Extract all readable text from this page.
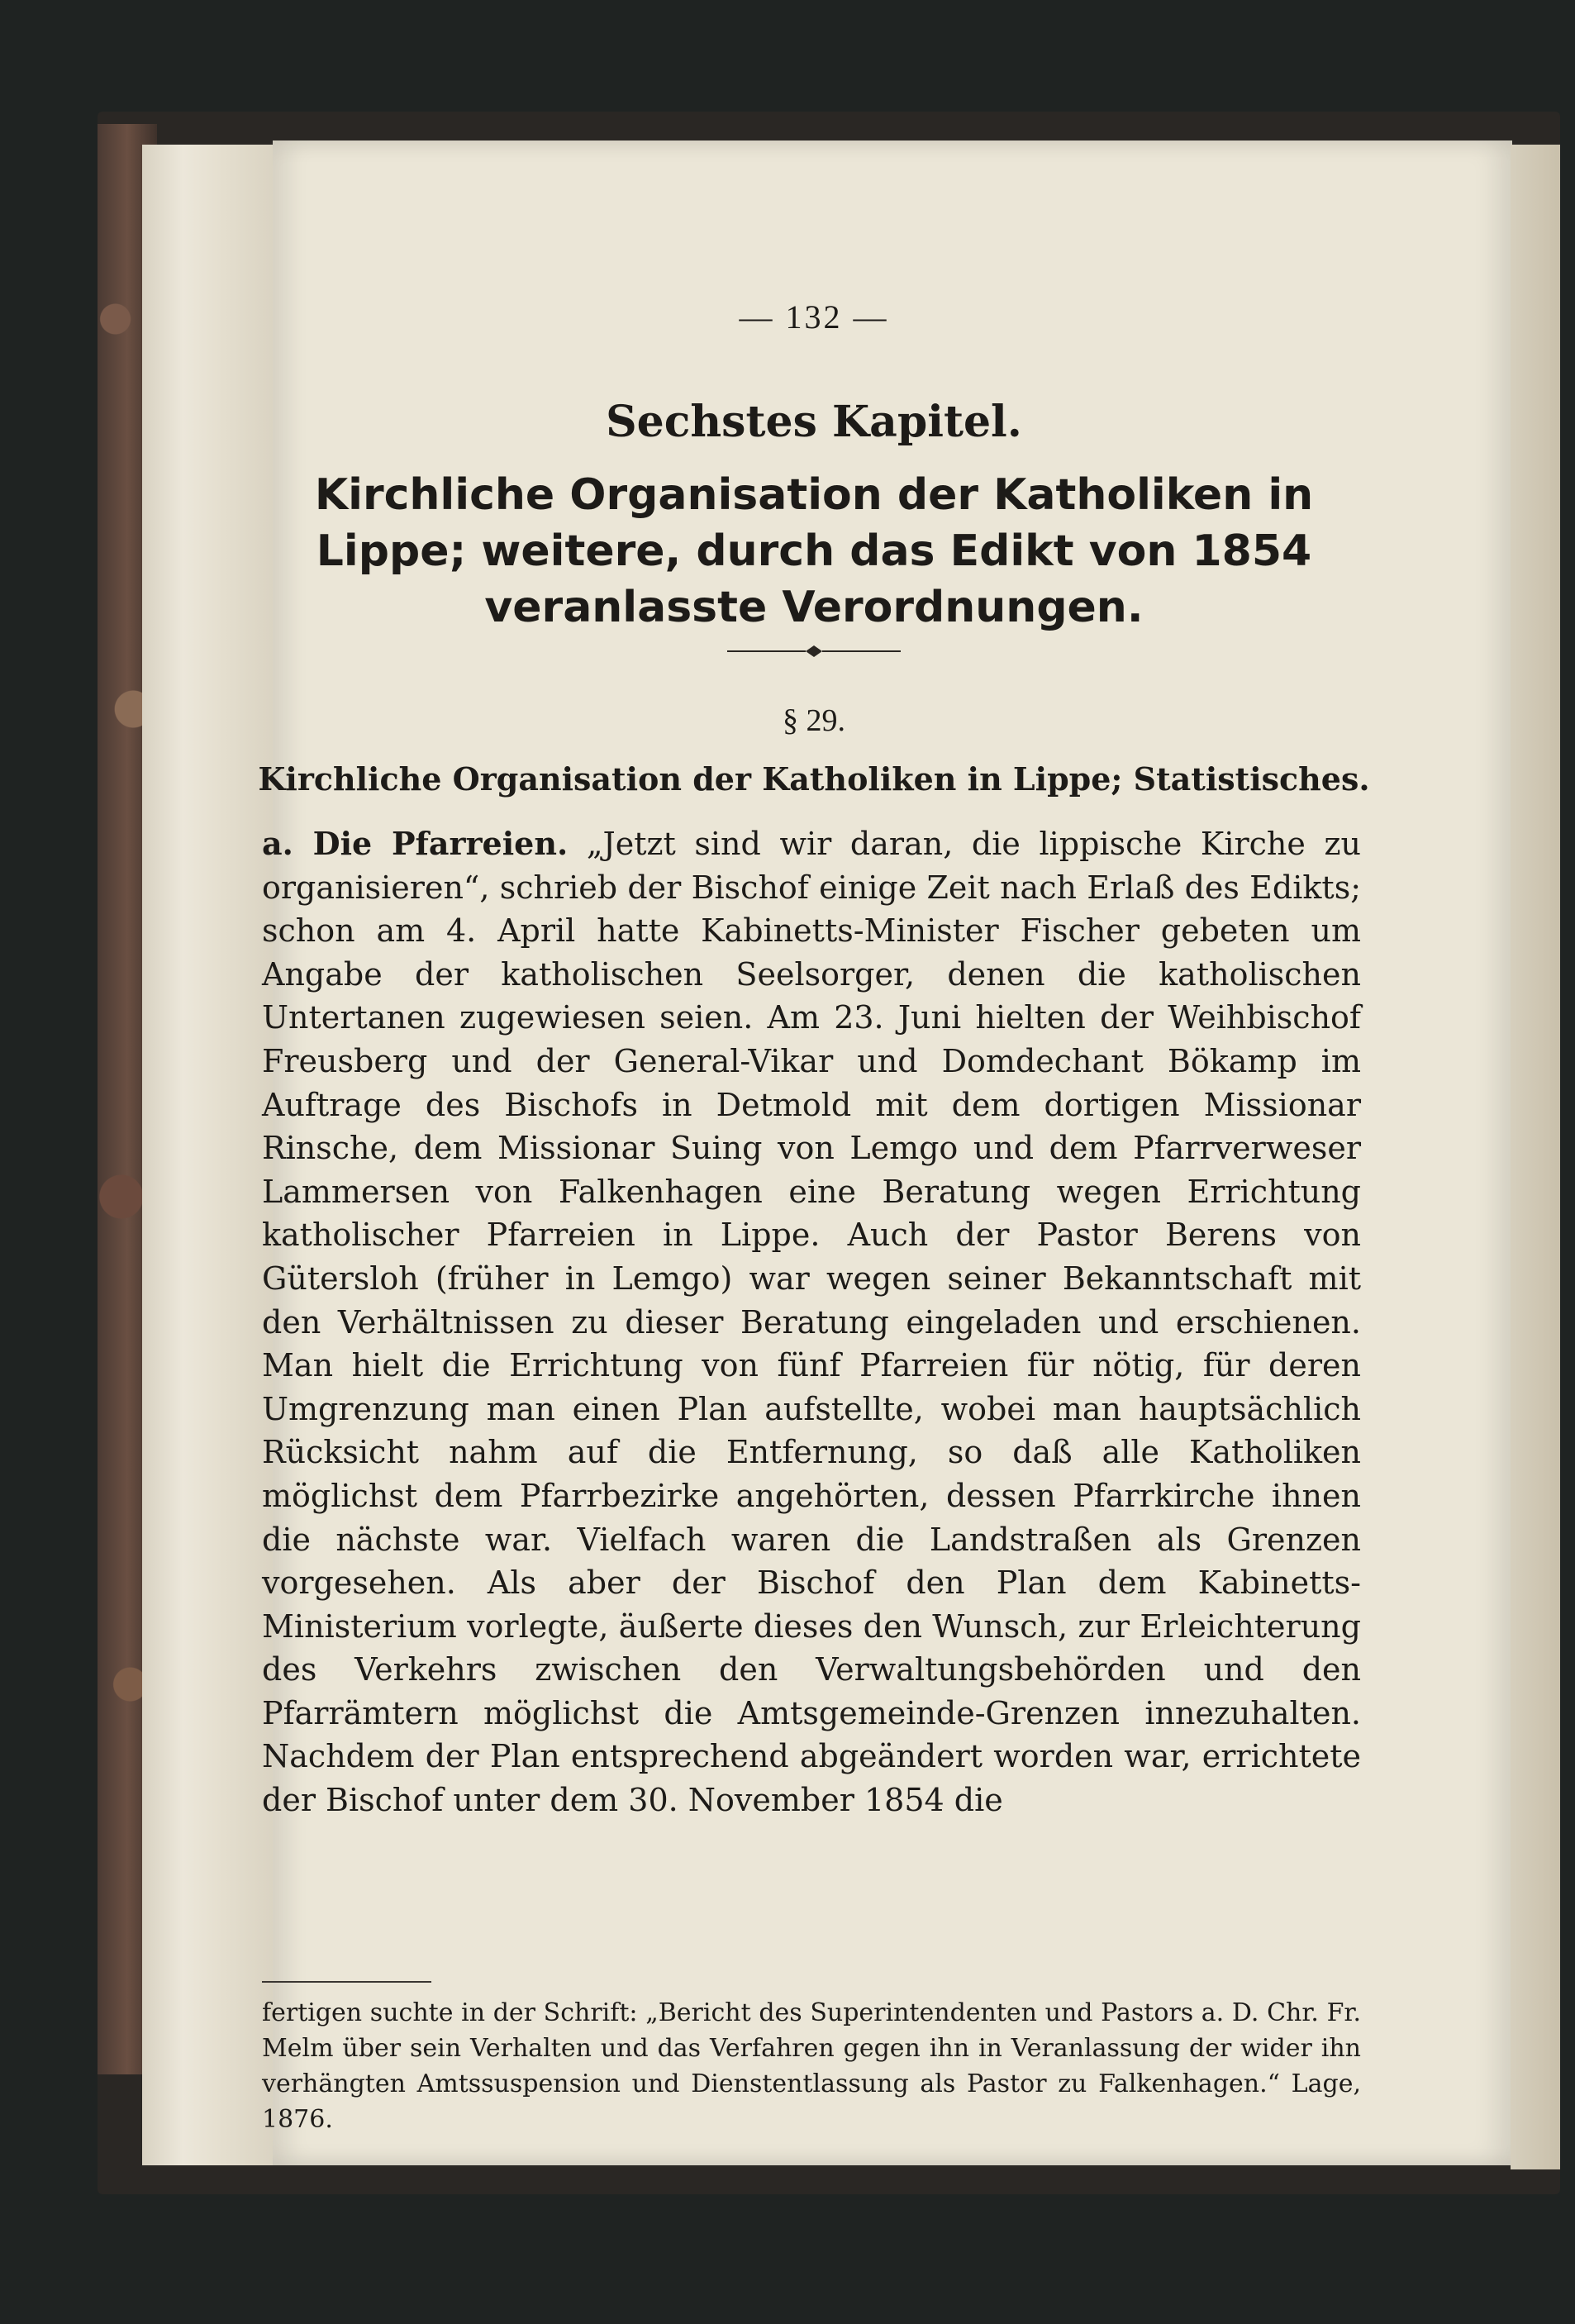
— 132 —
Sechstes Kapitel.
Kirchliche Organisation der Katholiken in Lippe; weitere, durch das Edikt von 1854 veranlasste Verordnungen.
§ 29.
Kirchliche Organisation der Katholiken in Lippe; Statistisches.
a. Die Pfarreien. „Jetzt sind wir daran, die lippische Kirche zu organisieren“, schrieb der Bischof einige Zeit nach Erlaß des Edikts; schon am 4. April hatte Kabinetts-Minister Fischer gebeten um Angabe der katholischen Seelsorger, denen die katholischen Untertanen zugewiesen seien. Am 23. Juni hielten der Weihbischof Freusberg und der General-Vikar und Domdechant Bökamp im Auftrage des Bischofs in Detmold mit dem dortigen Missionar Rinsche, dem Missionar Suing von Lemgo und dem Pfarrverweser Lammersen von Falkenhagen eine Beratung wegen Errichtung katholischer Pfarreien in Lippe. Auch der Pastor Berens von Gütersloh (früher in Lemgo) war wegen seiner Bekanntschaft mit den Verhältnissen zu dieser Beratung eingeladen und erschienen. Man hielt die Errichtung von fünf Pfarreien für nötig, für deren Umgrenzung man einen Plan aufstellte, wobei man hauptsächlich Rücksicht nahm auf die Entfernung, so daß alle Katholiken möglichst dem Pfarrbezirke angehörten, dessen Pfarrkirche ihnen die nächste war. Vielfach waren die Landstraßen als Grenzen vorgesehen. Als aber der Bischof den Plan dem Kabinetts-Ministerium vorlegte, äußerte dieses den Wunsch, zur Erleichterung des Verkehrs zwischen den Verwaltungsbehörden und den Pfarrämtern möglichst die Amtsgemeinde-Grenzen innezuhalten. Nachdem der Plan entsprechend abgeändert worden war, errichtete der Bischof unter dem 30. November 1854 die
fertigen suchte in der Schrift: „Bericht des Superintendenten und Pastors a. D. Chr. Fr. Melm über sein Verhalten und das Verfahren gegen ihn in Veranlassung der wider ihn verhängten Amtssuspension und Dienstentlassung als Pastor zu Falkenhagen.“ Lage, 1876.
